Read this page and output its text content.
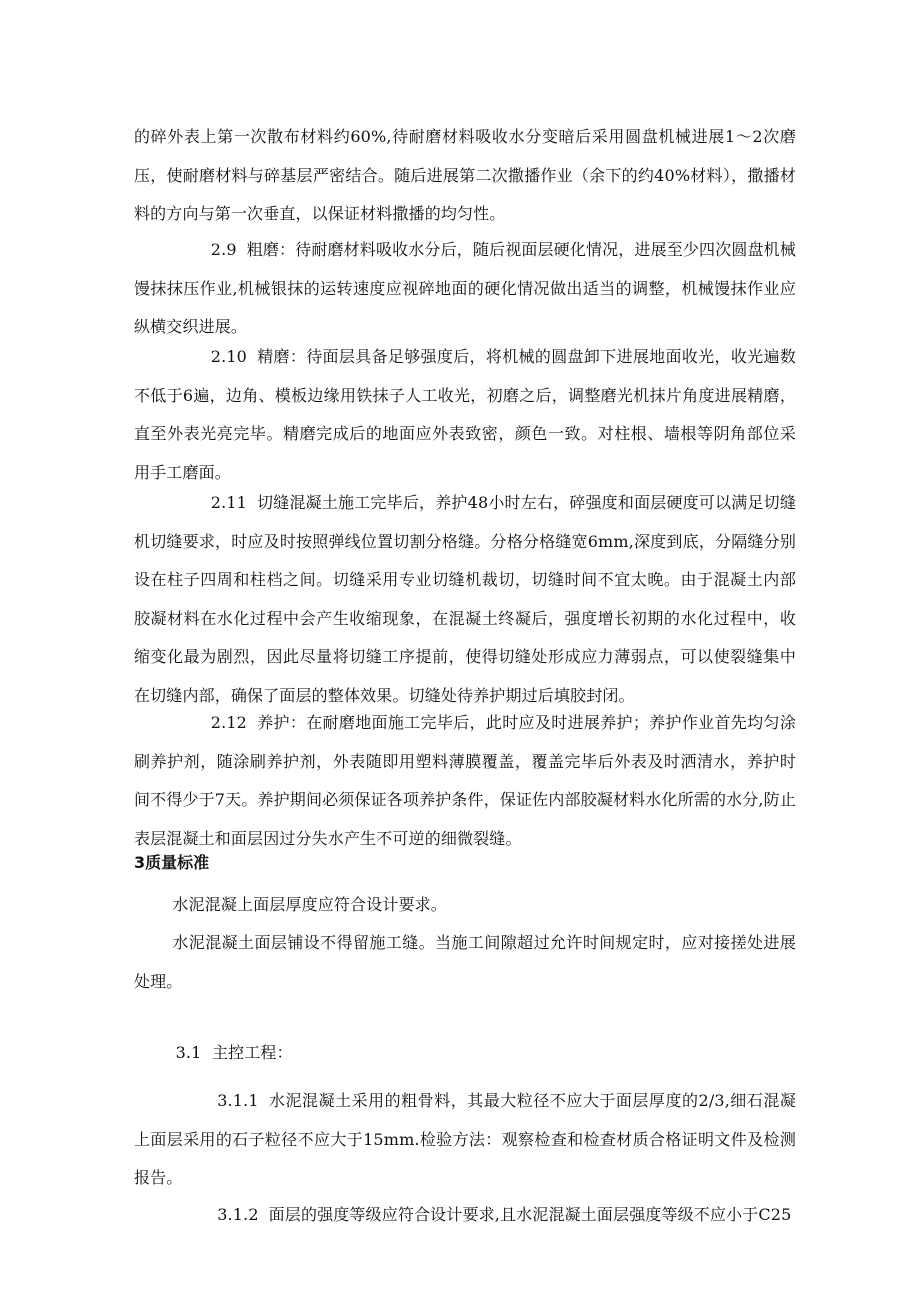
的碎外表上第一次散布材料约60%,待耐磨材料吸收水分变暗后采用圆盘机械进展1～2次磨压，使耐磨材料与碎基层严密结合。随后进展第二次撒播作业（余下的约40%材料），撒播材料的方向与第一次垂直，以保证材料撒播的均匀性。

2.9 粗磨：待耐磨材料吸收水分后，随后视面层硬化情况，进展至少四次圆盘机械馒抹抹压作业,机械银抹的运转速度应视碎地面的硬化情况做出适当的调整，机械馒抹作业应纵横交织进展。

2.10 精磨：待面层具备足够强度后，将机械的圆盘卸下进展地面收光，收光遍数不低于6遍，边角、模板边缘用铁抹子人工收光，初磨之后，调整磨光机抹片角度进展精磨，直至外表光亮完毕。精磨完成后的地面应外表致密，颜色一致。对柱根、墙根等阴角部位采用手工磨面。

2.11 切缝混凝土施工完毕后，养护48小时左右，碎强度和面层硬度可以满足切缝机切缝要求，时应及时按照弹线位置切割分格缝。分格分格缝宽6mm,深度到底，分隔缝分别设在柱子四周和柱档之间。切缝采用专业切缝机裁切，切缝时间不宜太晚。由于混凝土内部胶凝材料在水化过程中会产生收缩现象，在混凝土终凝后，强度增长初期的水化过程中，收缩变化最为剧烈，因此尽量将切缝工序提前，使得切缝处形成应力薄弱点，可以使裂缝集中在切缝内部，确保了面层的整体效果。切缝处待养护期过后填胶封闭。

2.12 养护：在耐磨地面施工完毕后，此时应及时进展养护；养护作业首先均匀涂刷养护剂，随涂刷养护剂，外表随即用塑料薄膜覆盖，覆盖完毕后外表及时洒清水，养护时间不得少于7天。养护期间必须保证各项养护条件，保证佐内部胶凝材料水化所需的水分,防止表层混凝土和面层因过分失水产生不可逆的细微裂缝。

3质量标准

水泥混凝上面层厚度应符合设计要求。

水泥混凝土面层铺设不得留施工缝。当施工间隙超过允许时间规定时，应对接搓处进展处理。

3.1  主控工程：

3.1.1 水泥混凝土采用的粗骨料，其最大粒径不应大于面层厚度的2/3,细石混凝上面层采用的石子粒径不应大于15mm.检验方法：观察检查和检查材质合格证明文件及检测报告。

3.1.2 面层的强度等级应符合设计要求,且水泥混凝土面层强度等级不应小于C25
